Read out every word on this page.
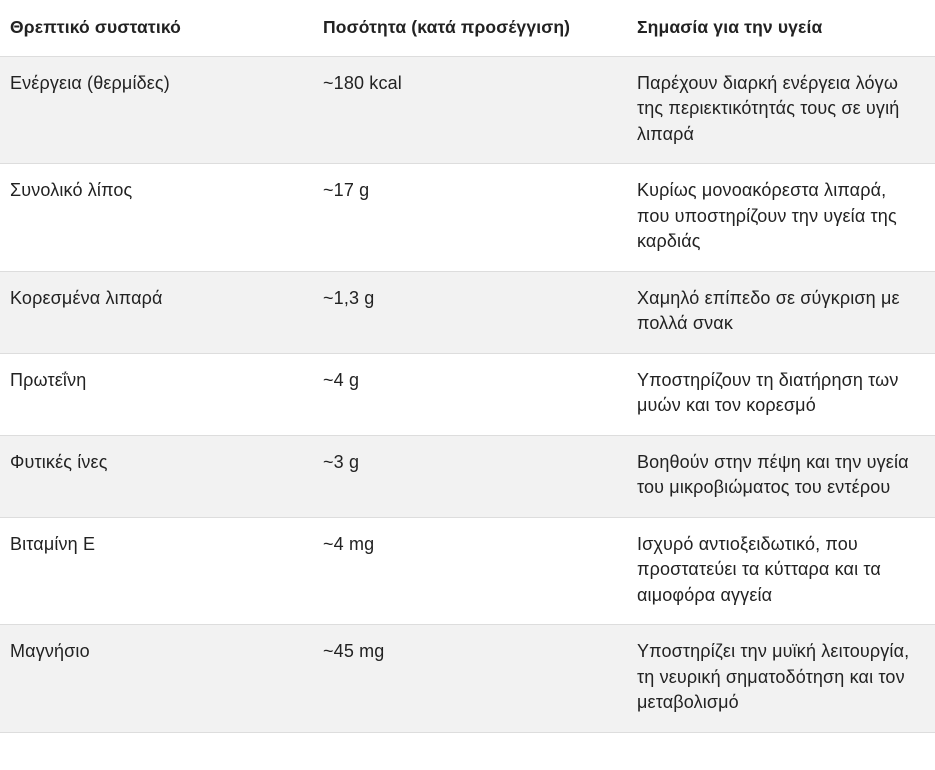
Θρεπτικό συστατικό	Ποσότητα (κατά προσέγγιση)	Σημασία για την υγεία
Ενέργεια (θερμίδες)	~180 kcal	Παρέχουν διαρκή ενέργεια λόγω της περιεκτικότητάς τους σε υγιή λιπαρά
Συνολικό λίπος	~17 g	Κυρίως μονοακόρεστα λιπαρά, που υποστηρίζουν την υγεία της καρδιάς
Κορεσμένα λιπαρά	~1,3 g	Χαμηλό επίπεδο σε σύγκριση με πολλά σνακ
Πρωτεΐνη	~4 g	Υποστηρίζουν τη διατήρηση των μυών και τον κορεσμό
Φυτικές ίνες	~3 g	Βοηθούν στην πέψη και την υγεία του μικροβιώματος του εντέρου
Βιταμίνη Ε	~4 mg	Ισχυρό αντιοξειδωτικό, που προστατεύει τα κύτταρα και τα αιμοφόρα αγγεία
Μαγνήσιο	~45 mg	Υποστηρίζει την μυϊκή λειτουργία, τη νευρική σηματοδότηση και τον μεταβολισμό
